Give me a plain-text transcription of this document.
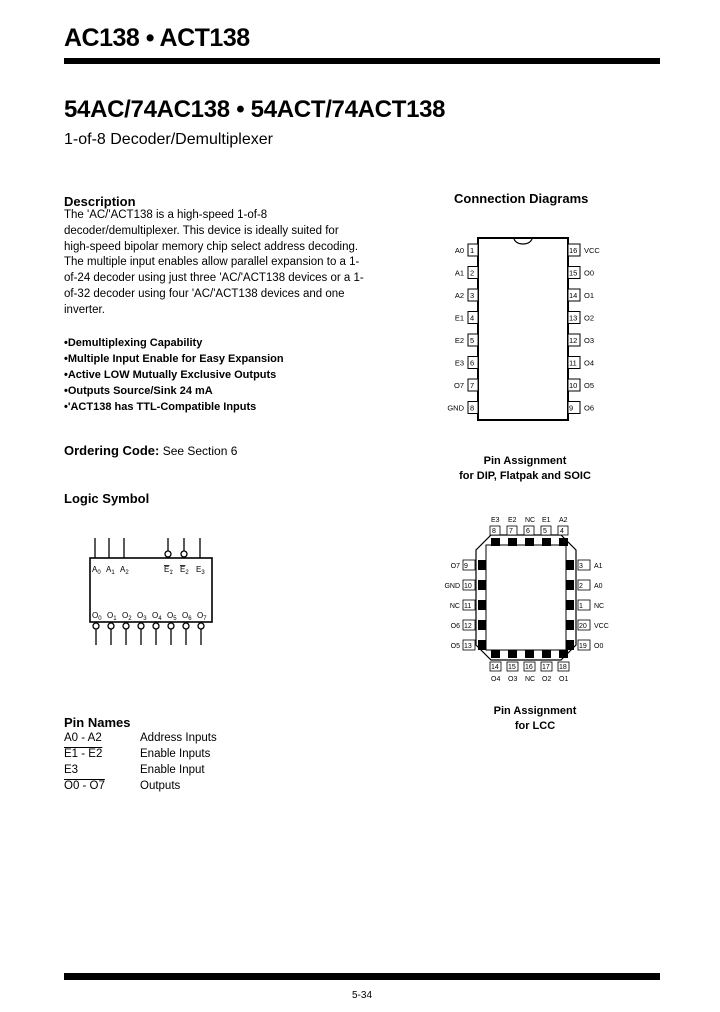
AC138 • ACT138
54AC/74AC138 • 54ACT/74ACT138
1-of-8 Decoder/Demultiplexer
Description
The 'AC/'ACT138 is a high-speed 1-of-8 decoder/demultiplexer. This device is ideally suited for high-speed bipolar memory chip select address decoding. The multiple input enables allow parallel expansion to a 1-of-24 decoder using just three 'AC/'ACT138 devices or a 1-of-32 decoder using four 'AC/'ACT138 devices and one inverter.
• Demultiplexing Capability
• Multiple Input Enable for Easy Expansion
• Active LOW Mutually Exclusive Outputs
• Outputs Source/Sink 24 mA
• 'ACT138 has TTL-Compatible Inputs
Ordering Code: See Section 6
Logic Symbol
$A_0$ $A_1$ $A_2$	$E_1$ $E_2$ $E_3$
$O_0$ $O_1$ $O_2$ $O_3$ $O_4$ $O_5$ $O_6$ $O_7$
Pin Names
A0 - A2	Address Inputs
E1 - E2	Enable Inputs
E3	Enable Input
O0 - O7	Outputs
Connection Diagrams
1
A0
2
A1
3
A2
4
E1
5
E2
6
E3
7
O7
8
GND
16 VCC
15 O0
14 O1
13 O2
12 O3
11 O4
10 O5
9 O6
Pin Assignment
for DIP, Flatpak and SOIC
8
E3
7
E2
6
NC
5
E1
4
A2
9
O7
10
GND
11
NC
12
O6
13
O5
3 A1
2 A0
1 NC
20 VCC
19 O0
14
O4
15
O3
16
NC
17
O2
18
O1
Pin Assignment
for LCC
5-34
